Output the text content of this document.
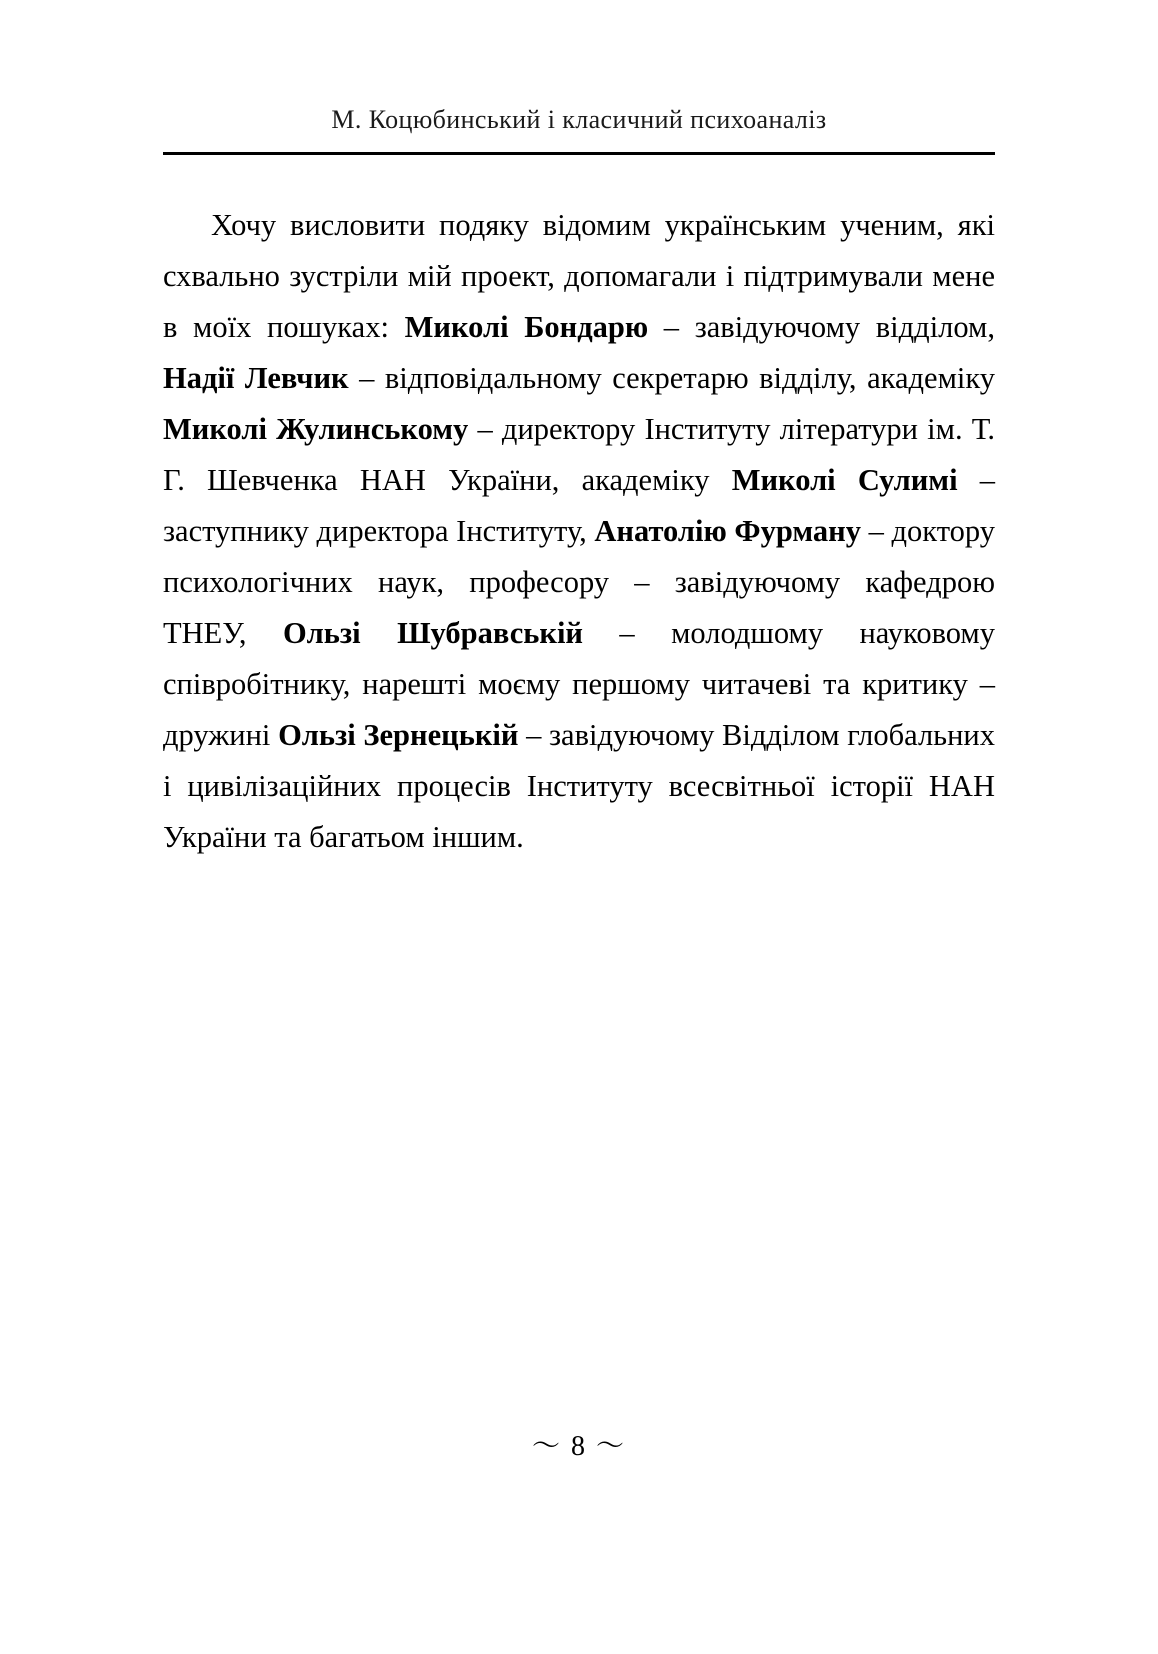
М. Коцюбинський і класичний психоаналіз
Хочу висловити подяку відомим українським ученим, які схвально зустріли мій проект, допомагали і підтримували мене в моїх пошуках: Миколі Бондарю – завідуючому відділом, Надії Левчик – відповідальному секретарю відділу, академіку Миколі Жулинському – директору Інституту літератури ім. Т. Г. Шевченка НАН України, академіку Миколі Сулимі – заступнику директора Інституту, Анатолію Фурману – доктору психологічних наук, професору – завідуючому кафедрою ТНЕУ, Ользі Шубравській – молодшому науковому співробітнику, нарешті моєму першому читачеві та критику – дружині Ользі Зернецькій – завідуючому Відділом глобальних і цивілізаційних процесів Інституту всесвітньої історії НАН України та багатьом іншим.
〜 8 〜
